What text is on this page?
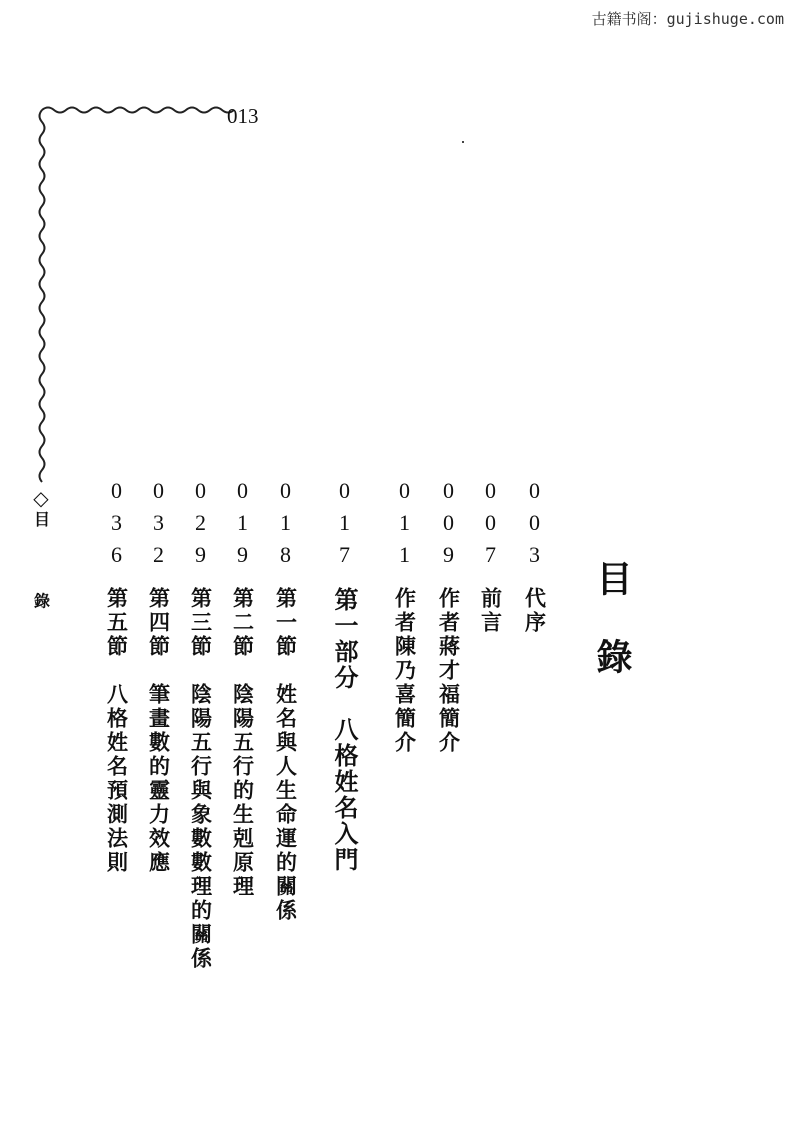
古籍书阁：gujishuge.com
013
◇
目 錄	目錄
003
代序
007
前言
009
作者蔣才福簡介
011
作者陳乃喜簡介
017
第一部分　八格姓名入門
018
第一節　姓名與人生命運的關係
019
第二節　陰陽五行的生剋原理
029
第三節　陰陽五行與象數數理的關係
032
第四節　筆畫數的靈力效應
036
第五節　八格姓名預測法則
